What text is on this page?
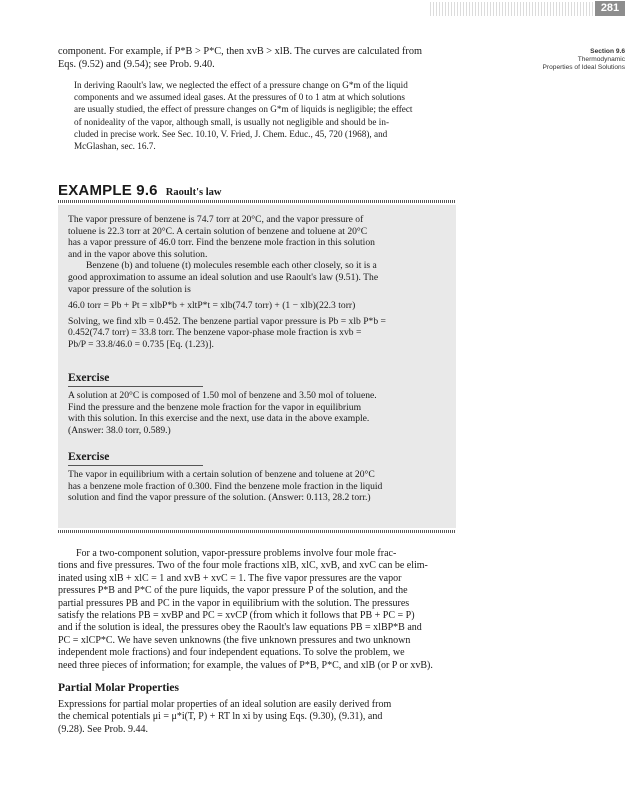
281
Section 9.6
Thermodynamic
Properties of Ideal Solutions
component. For example, if P*B > P*C, then xvB > xlB. The curves are calculated from
Eqs. (9.52) and (9.54); see Prob. 9.40.
In deriving Raoult's law, we neglected the effect of a pressure change on G*m of the liquid
components and we assumed ideal gases. At the pressures of 0 to 1 atm at which solutions
are usually studied, the effect of pressure changes on G*m of liquids is negligible; the effect
of nonideality of the vapor, although small, is usually not negligible and should be in-
cluded in precise work. See Sec. 10.10, V. Fried, J. Chem. Educ., 45, 720 (1968), and
McGlashan, sec. 16.7.
EXAMPLE 9.6 Raoult's law
The vapor pressure of benzene is 74.7 torr at 20°C, and the vapor pressure of
toluene is 22.3 torr at 20°C. A certain solution of benzene and toluene at 20°C
has a vapor pressure of 46.0 torr. Find the benzene mole fraction in this solution
and in the vapor above this solution.
Benzene (b) and toluene (t) molecules resemble each other closely, so it is a
good approximation to assume an ideal solution and use Raoult's law (9.51). The
vapor pressure of the solution is
46.0 torr = Pb + Pt = xlbP*b + xltP*t = xlb(74.7 torr) + (1 − xlb)(22.3 torr)
Solving, we find xlb = 0.452. The benzene partial vapor pressure is Pb = xlb P*b =
0.452(74.7 torr) = 33.8 torr. The benzene vapor-phase mole fraction is xvb =
Pb/P = 33.8/46.0 = 0.735 [Eq. (1.23)].
Exercise
A solution at 20°C is composed of 1.50 mol of benzene and 3.50 mol of toluene.
Find the pressure and the benzene mole fraction for the vapor in equilibrium
with this solution. In this exercise and the next, use data in the above example.
(Answer: 38.0 torr, 0.589.)
Exercise
The vapor in equilibrium with a certain solution of benzene and toluene at 20°C
has a benzene mole fraction of 0.300. Find the benzene mole fraction in the liquid
solution and find the vapor pressure of the solution. (Answer: 0.113, 28.2 torr.)
For a two-component solution, vapor-pressure problems involve four mole frac-
tions and five pressures. Two of the four mole fractions xlB, xlC, xvB, and xvC can be elim-
inated using xlB + xlC = 1 and xvB + xvC = 1. The five vapor pressures are the vapor
pressures P*B and P*C of the pure liquids, the vapor pressure P of the solution, and the
partial pressures PB and PC in the vapor in equilibrium with the solution. The pressures
satisfy the relations PB = xvBP and PC = xvCP (from which it follows that PB + PC = P)
and if the solution is ideal, the pressures obey the Raoult's law equations PB = xlBP*B and
PC = xlCP*C. We have seven unknowns (the five unknown pressures and two unknown
independent mole fractions) and four independent equations. To solve the problem, we
need three pieces of information; for example, the values of P*B, P*C, and xlB (or P or xvB).
Partial Molar Properties
Expressions for partial molar properties of an ideal solution are easily derived from
the chemical potentials μi = μ*i(T, P) + RT ln xi by using Eqs. (9.30), (9.31), and
(9.28). See Prob. 9.44.
